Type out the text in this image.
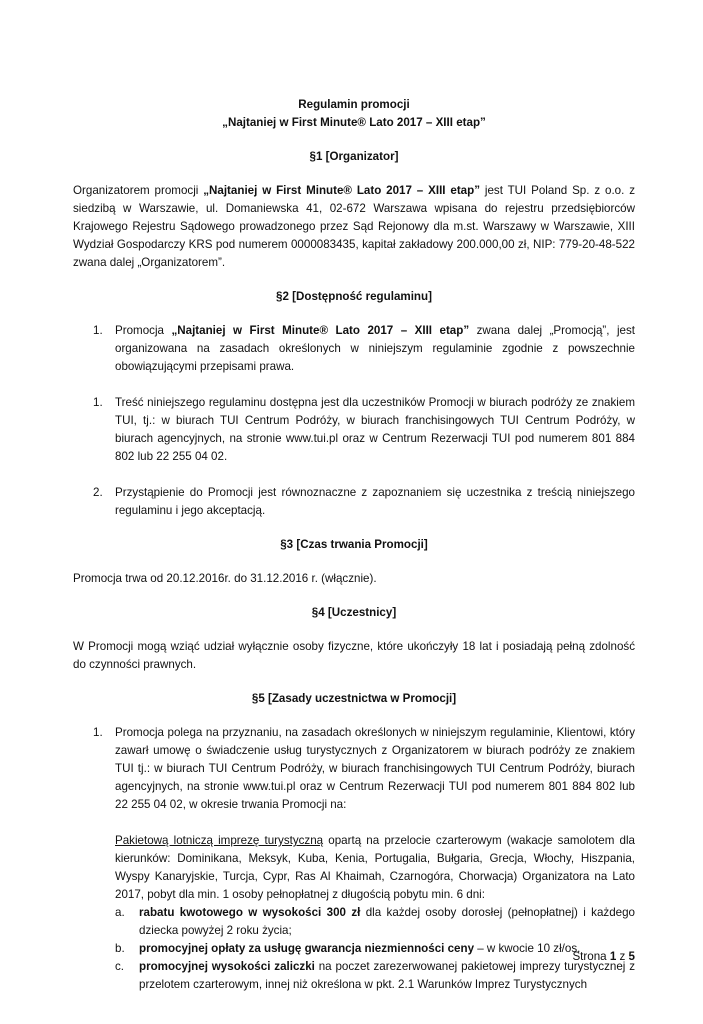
Regulamin promocji
„Najtaniej w First Minute® Lato 2017 – XIII etap”
§1 [Organizator]

Organizatorem promocji „Najtaniej w First Minute® Lato 2017 – XIII etap” jest TUI Poland Sp. z o.o. z siedzibą w Warszawie, ul. Domaniewska 41, 02-672 Warszawa wpisana do rejestru przedsiębiorców Krajowego Rejestru Sądowego prowadzonego przez Sąd Rejonowy dla m.st. Warszawy w Warszawie, XIII Wydział Gospodarczy KRS pod numerem 0000083435, kapitał zakładowy 200.000,00 zł, NIP: 779-20-48-522 zwana dalej „Organizatorem”.

§2 [Dostępność regulaminu]
1. Promocja „Najtaniej w First Minute® Lato 2017 – XIII etap” zwana dalej „Promocją”, jest organizowana na zasadach określonych w niniejszym regulaminie zgodnie z powszechnie obowiązującymi przepisami prawa.
1. Treść niniejszego regulaminu dostępna jest dla uczestników Promocji w biurach podróży ze znakiem TUI, tj.: w biurach TUI Centrum Podróży, w biurach franchisingowych TUI Centrum Podróży, w biurach agencyjnych, na stronie www.tui.pl oraz w Centrum Rezerwacji TUI pod numerem 801 884 802 lub 22 255 04 02.
2. Przystąpienie do Promocji jest równoznaczne z zapoznaniem się uczestnika z treścią niniejszego regulaminu i jego akceptacją.
§3 [Czas trwania Promocji]

Promocja trwa od 20.12.2016r. do 31.12.2016 r. (włącznie).

§4 [Uczestnicy]

W Promocji mogą wziąć udział wyłącznie osoby fizyczne, które ukończyły 18 lat i posiadają pełną zdolność do czynności prawnych.

§5 [Zasady uczestnictwa w Promocji]
1. Promocja polega na przyznaniu, na zasadach określonych w niniejszym regulaminie, Klientowi, który zawarł umowę o świadczenie usług turystycznych z Organizatorem w biurach podróży ze znakiem TUI tj.: w biurach TUI Centrum Podróży, w biurach franchisingowych TUI Centrum Podróży, biurach agencyjnych, na stronie www.tui.pl oraz w Centrum Rezerwacji TUI pod numerem 801 884 802 lub 22 255 04 02, w okresie trwania Promocji na:

Pakietową lotniczą imprezę turystyczną opartą na przelocie czarterowym (wakacje samolotem dla kierunków: Dominikana, Meksyk, Kuba, Kenia, Portugalia, Bułgaria, Grecja, Włochy, Hiszpania, Wyspy Kanaryjskie, Turcja, Cypr, Ras Al Khaimah, Czarnogóra, Chorwacja) Organizatora na Lato 2017, pobyt dla min. 1 osoby pełnopłatnej z długością pobytu min. 6 dni:

a. rabatu kwotowego w wysokości 300 zł dla każdej osoby dorosłej (pełnopłatnej) i każdego dziecka powyżej 2 roku życia;
b. promocyjnej opłaty za usługę gwarancja niezmienności ceny – w kwocie 10 zł/os.
c. promocyjnej wysokości zaliczki na poczet zarezerwowanej pakietowej imprezy turystycznej z przelotem czarterowym, innej niż określona w pkt. 2.1 Warunków Imprez Turystycznych
Strona 1 z 5
